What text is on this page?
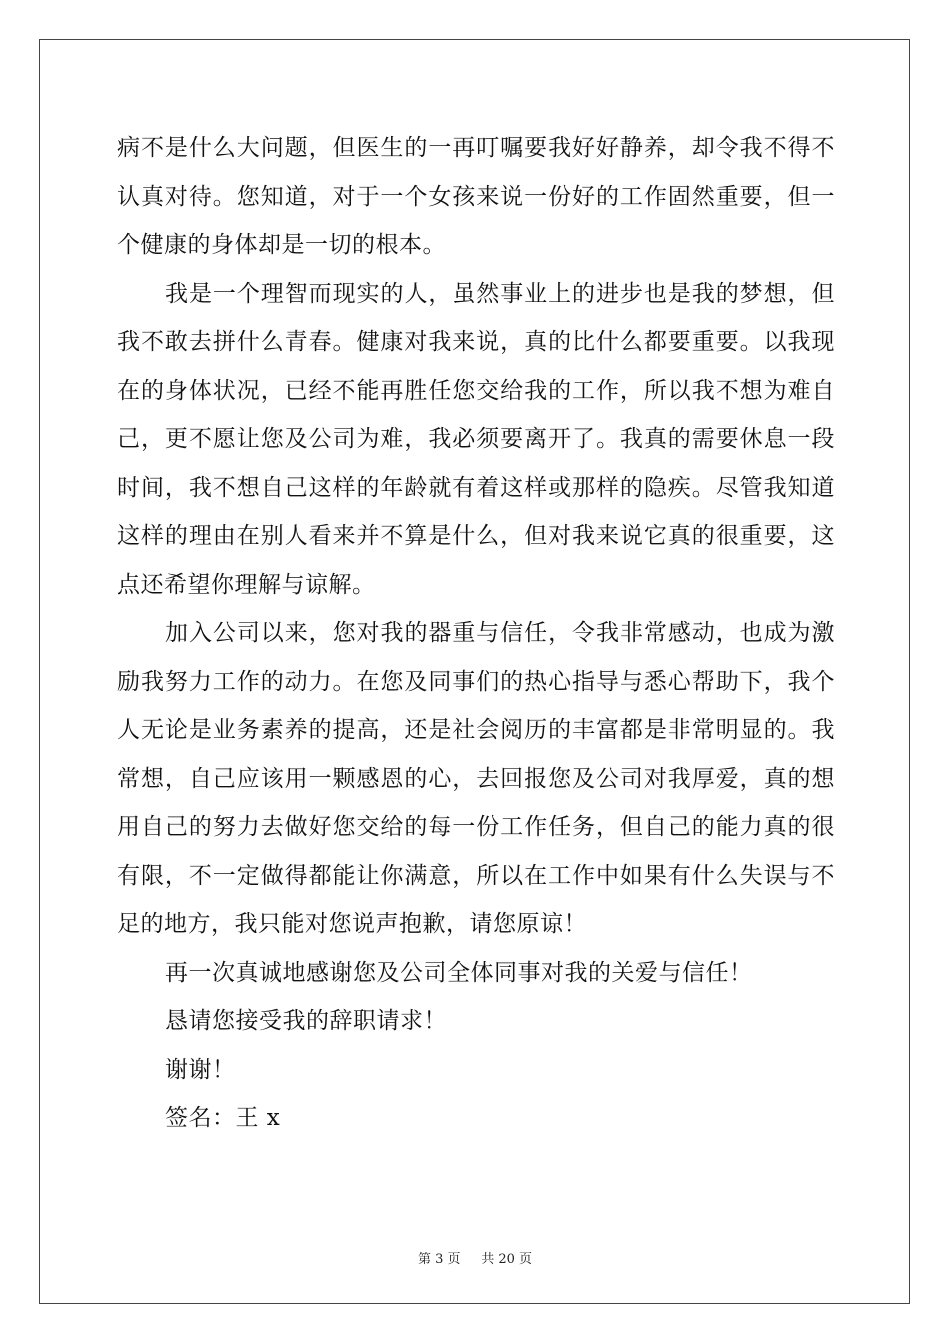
病不是什么大问题，但医生的一再叮嘱要我好好静养，却令我不得不认真对待。您知道，对于一个女孩来说一份好的工作固然重要，但一个健康的身体却是一切的根本。

我是一个理智而现实的人，虽然事业上的进步也是我的梦想，但我不敢去拼什么青春。健康对我来说，真的比什么都要重要。以我现在的身体状况，已经不能再胜任您交给我的工作，所以我不想为难自己，更不愿让您及公司为难，我必须要离开了。我真的需要休息一段时间，我不想自己这样的年龄就有着这样或那样的隐疾。尽管我知道这样的理由在别人看来并不算是什么，但对我来说它真的很重要，这点还希望你理解与谅解。

加入公司以来，您对我的器重与信任，令我非常感动，也成为激励我努力工作的动力。在您及同事们的热心指导与悉心帮助下，我个人无论是业务素养的提高，还是社会阅历的丰富都是非常明显的。我常想，自己应该用一颗感恩的心，去回报您及公司对我厚爱，真的想用自己的努力去做好您交给的每一份工作任务，但自己的能力真的很有限，不一定做得都能让你满意，所以在工作中如果有什么失误与不足的地方，我只能对您说声抱歉，请您原谅！

再一次真诚地感谢您及公司全体同事对我的关爱与信任！

恳请您接受我的辞职请求！

谢谢！

签名：王 x

第 3 页 共 20 页
